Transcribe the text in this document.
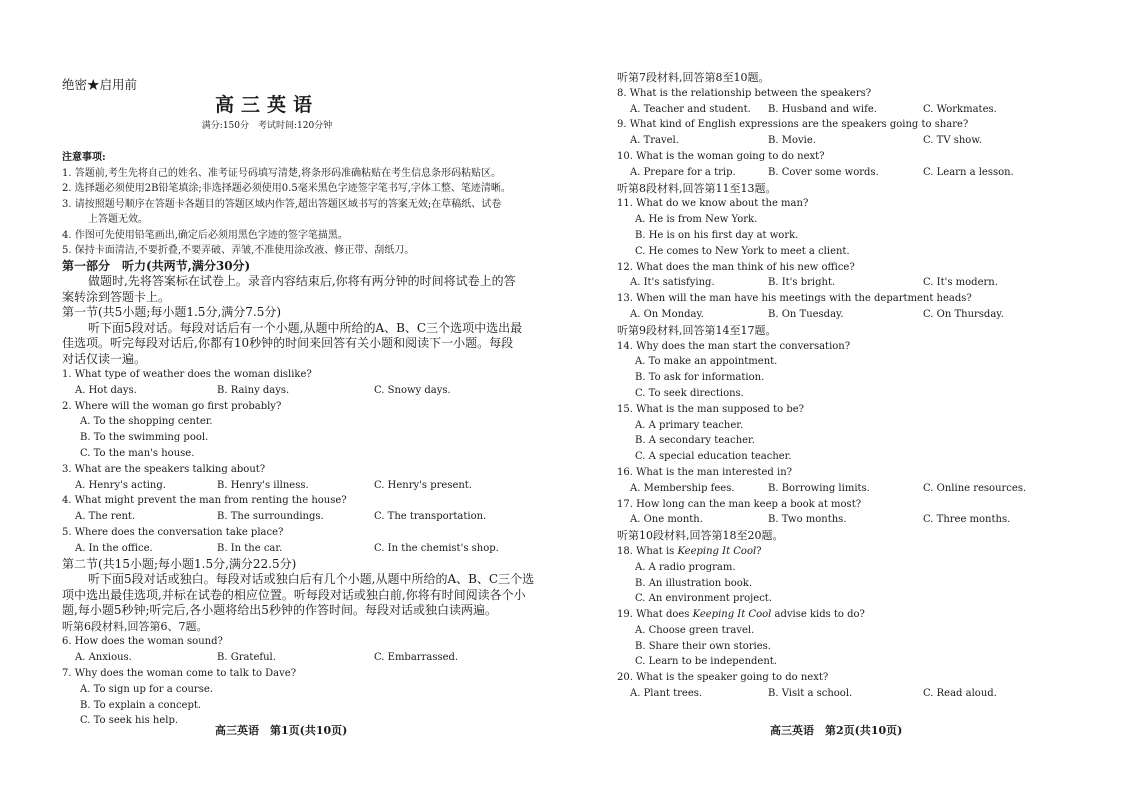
绝密★启用前
高三英语
满分:150分　考试时间:120分钟
注意事项:
1. 答题前,考生先将自己的姓名、准考证号码填写清楚,将条形码准确粘贴在考生信息条形码粘贴区。
2. 选择题必须使用2B铅笔填涂;非选择题必须使用0.5毫米黑色字迹签字笔书写,字体工整、笔迹清晰。
3. 请按照题号顺序在答题卡各题目的答题区域内作答,超出答题区域书写的答案无效;在草稿纸、试卷
上答题无效。
4. 作图可先使用铅笔画出,确定后必须用黑色字迹的签字笔描黑。
5. 保持卡面清洁,不要折叠,不要弄破、弄皱,不准使用涂改液、修正带、刮纸刀。
第一部分　听力(共两节,满分30分)
做题时,先将答案标在试卷上。录音内容结束后,你将有两分钟的时间将试卷上的答
案转涂到答题卡上。
第一节(共5小题;每小题1.5分,满分7.5分)
听下面5段对话。每段对话后有一个小题,从题中所给的A、B、C三个选项中选出最
佳选项。听完每段对话后,你都有10秒钟的时间来回答有关小题和阅读下一小题。每段
对话仅读一遍。
1. What type of weather does the woman dislike?
A. Hot days.	B. Rainy days.	C. Snowy days.
2. Where will the woman go first probably?
A. To the shopping center.
B. To the swimming pool.
C. To the man's house.
3. What are the speakers talking about?
A. Henry's acting.	B. Henry's illness.	C. Henry's present.
4. What might prevent the man from renting the house?
A. The rent.	B. The surroundings.	C. The transportation.
5. Where does the conversation take place?
A. In the office.	B. In the car.	C. In the chemist's shop.
第二节(共15小题;每小题1.5分,满分22.5分)
听下面5段对话或独白。每段对话或独白后有几个小题,从题中所给的A、B、C三个选
项中选出最佳选项,并标在试卷的相应位置。听每段对话或独白前,你将有时间阅读各个小
题,每小题5秒钟;听完后,各小题将给出5秒钟的作答时间。每段对话或独白读两遍。
听第6段材料,回答第6、7题。
6. How does the woman sound?
A. Anxious.	B. Grateful.	C. Embarrassed.
7. Why does the woman come to talk to Dave?
A. To sign up for a course.
B. To explain a concept.
C. To seek his help.
听第7段材料,回答第8至10题。
8. What is the relationship between the speakers?
A. Teacher and student.	B. Husband and wife.	C. Workmates.
9. What kind of English expressions are the speakers going to share?
A. Travel.	B. Movie.	C. TV show.
10. What is the woman going to do next?
A. Prepare for a trip.	B. Cover some words.	C. Learn a lesson.
听第8段材料,回答第11至13题。
11. What do we know about the man?
A. He is from New York.
B. He is on his first day at work.
C. He comes to New York to meet a client.
12. What does the man think of his new office?
A. It's satisfying.	B. It's bright.	C. It's modern.
13. When will the man have his meetings with the department heads?
A. On Monday.	B. On Tuesday.	C. On Thursday.
听第9段材料,回答第14至17题。
14. Why does the man start the conversation?
A. To make an appointment.
B. To ask for information.
C. To seek directions.
15. What is the man supposed to be?
A. A primary teacher.
B. A secondary teacher.
C. A special education teacher.
16. What is the man interested in?
A. Membership fees.	B. Borrowing limits.	C. Online resources.
17. How long can the man keep a book at most?
A. One month.	B. Two months.	C. Three months.
听第10段材料,回答第18至20题。
18. What is Keeping It Cool?
A. A radio program.
B. An illustration book.
C. An environment project.
19. What does Keeping It Cool advise kids to do?
A. Choose green travel.
B. Share their own stories.
C. Learn to be independent.
20. What is the speaker going to do next?
A. Plant trees.	B. Visit a school.	C. Read aloud.
高三英语　第1页(共10页)	高三英语　第2页(共10页)
